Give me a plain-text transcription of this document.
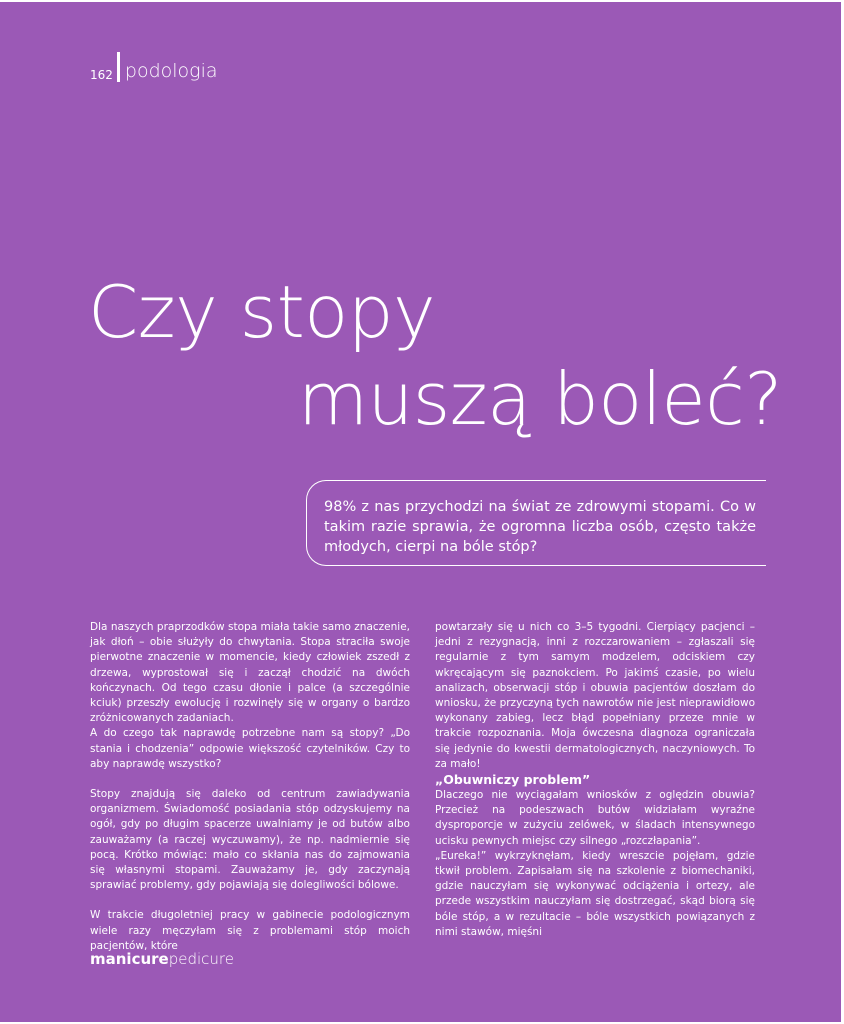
162 podologia
Czy stopy
muszą boleć?
98% z nas przychodzi na świat ze zdrowymi stopami. Co w takim razie sprawia, że ogromna liczba osób, często także młodych, cierpi na bóle stóp?

Dla naszych praprzodków stopa miała takie samo znaczenie, jak dłoń – obie służyły do chwytania. Stopa straciła swoje pierwotne znaczenie w momencie, kiedy człowiek zszedł z drzewa, wyprostował się i zaczął chodzić na dwóch kończynach. Od tego czasu dłonie i palce (a szczególnie kciuk) przeszły ewolucję i rozwinęły się w organy o bardzo zróżnicowanych zadaniach.

A do czego tak naprawdę potrzebne nam są stopy? „Do stania i chodzenia” odpowie większość czytelników. Czy to aby naprawdę wszystko?

Stopy znajdują się daleko od centrum zawiadywania organizmem. Świadomość posiadania stóp odzyskujemy na ogół, gdy po długim spacerze uwalniamy je od butów albo zauważamy (a raczej wyczuwamy), że np. nadmiernie się pocą. Krótko mówiąc: mało co skłania nas do zajmowania się własnymi stopami. Zauważamy je, gdy zaczynają sprawiać problemy, gdy pojawiają się dolegliwości bólowe.

W trakcie długoletniej pracy w gabinecie podologicznym wiele razy męczyłam się z problemami stóp moich pacjentów, które

powtarzały się u nich co 3–5 tygodni. Cierpiący pacjenci – jedni z rezygnacją, inni z rozczarowaniem – zgłaszali się regularnie z tym samym modzelem, odciskiem czy wkręcającym się paznokciem. Po jakimś czasie, po wielu analizach, obserwacji stóp i obuwia pacjentów doszłam do wniosku, że przyczyną tych nawrotów nie jest nieprawidłowo wykonany zabieg, lecz błąd popełniany przeze mnie w trakcie rozpoznania. Moja ówczesna diagnoza ograniczała się jedynie do kwestii dermatologicznych, naczyniowych. To za mało!

„Obuwniczy problem”

Dlaczego nie wyciągałam wniosków z oględzin obuwia? Przecież na podeszwach butów widziałam wyraźne dysproporcje w zużyciu zelówek, w śladach intensywnego ucisku pewnych miejsc czy silnego „rozczłapania”.

„Eureka!” wykrzyknęłam, kiedy wreszcie pojęłam, gdzie tkwił problem. Zapisałam się na szkolenie z biomechaniki, gdzie nauczyłam się wykonywać odciążenia i ortezy, ale przede wszystkim nauczyłam się dostrzegać, skąd biorą się bóle stóp, a w rezultacie – bóle wszystkich powiązanych z nimi stawów, mięśni

manicurepedicure
